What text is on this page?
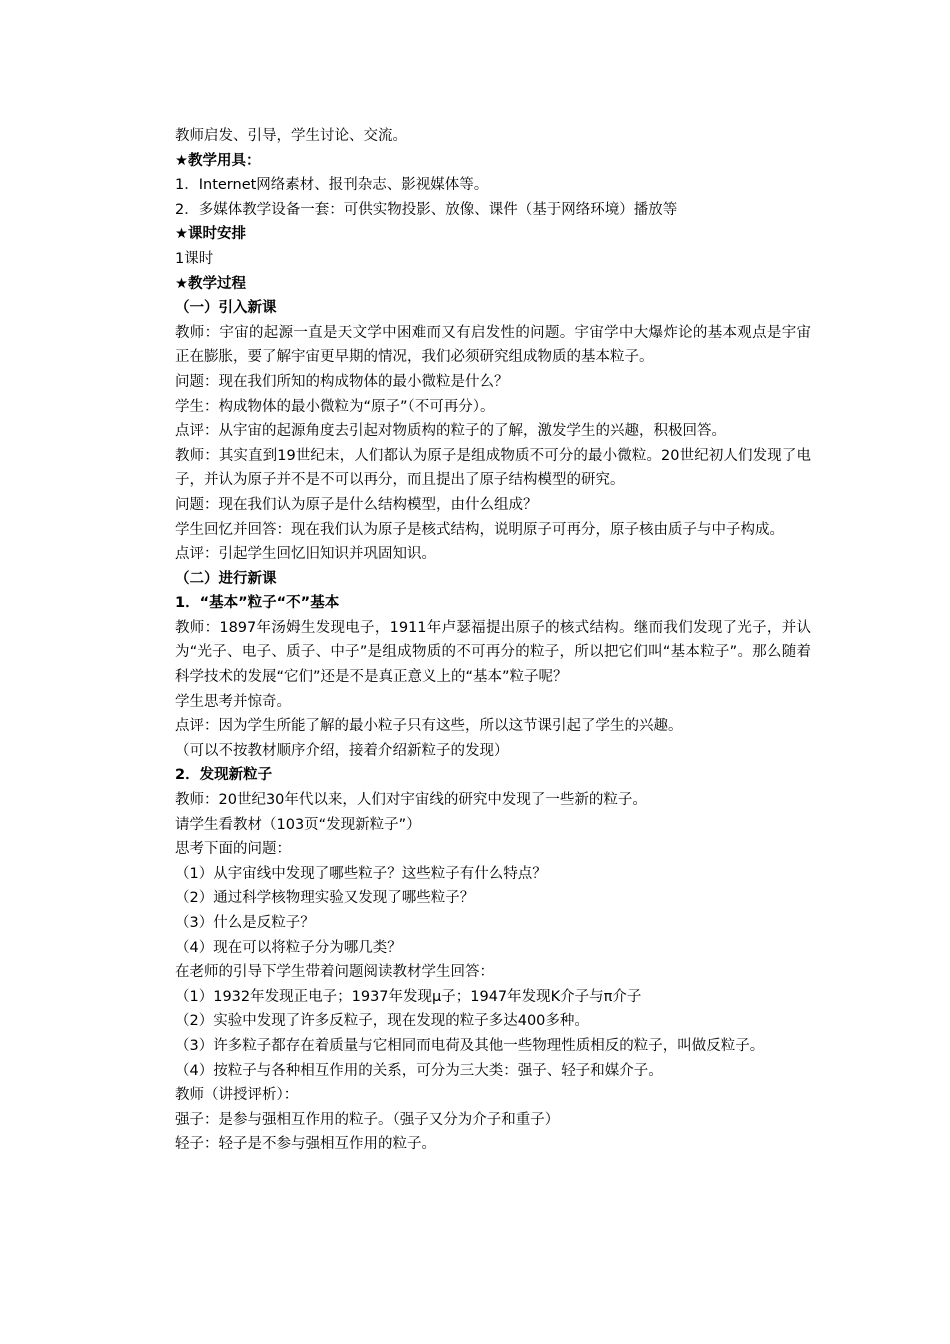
教师启发、引导，学生讨论、交流。
★教学用具：
1．Internet网络素材、报刊杂志、影视媒体等。
2．多媒体教学设备一套：可供实物投影、放像、课件（基于网络环境）播放等
★课时安排
1课时
★教学过程
（一）引入新课
教师：宇宙的起源一直是天文学中困难而又有启发性的问题。宇宙学中大爆炸论的基本观点是宇宙正在膨胀，要了解宇宙更早期的情况，我们必须研究组成物质的基本粒子。
问题：现在我们所知的构成物体的最小微粒是什么？
学生：构成物体的最小微粒为“原子”（不可再分）。
点评：从宇宙的起源角度去引起对物质构的粒子的了解，激发学生的兴趣，积极回答。
教师：其实直到19世纪末，人们都认为原子是组成物质不可分的最小微粒。20世纪初人们发现了电子，并认为原子并不是不可以再分，而且提出了原子结构模型的研究。
问题：现在我们认为原子是什么结构模型，由什么组成？
学生回忆并回答：现在我们认为原子是核式结构，说明原子可再分，原子核由质子与中子构成。
点评：引起学生回忆旧知识并巩固知识。
（二）进行新课
1．“基本”粒子“不”基本
教师：1897年汤姆生发现电子，1911年卢瑟福提出原子的核式结构。继而我们发现了光子，并认为“光子、电子、质子、中子”是组成物质的不可再分的粒子，所以把它们叫“基本粒子”。那么随着科学技术的发展“它们”还是不是真正意义上的“基本”粒子呢？
学生思考并惊奇。
点评：因为学生所能了解的最小粒子只有这些，所以这节课引起了学生的兴趣。
（可以不按教材顺序介绍，接着介绍新粒子的发现）
2．发现新粒子
教师：20世纪30年代以来，人们对宇宙线的研究中发现了一些新的粒子。
请学生看教材（103页“发现新粒子”）
思考下面的问题：
（1）从宇宙线中发现了哪些粒子？这些粒子有什么特点？
（2）通过科学核物理实验又发现了哪些粒子？
（3）什么是反粒子？
（4）现在可以将粒子分为哪几类？
在老师的引导下学生带着问题阅读教材学生回答：
（1）1932年发现正电子；1937年发现μ子；1947年发现K介子与π介子
（2）实验中发现了许多反粒子，现在发现的粒子多达400多种。
（3）许多粒子都存在着质量与它相同而电荷及其他一些物理性质相反的粒子，叫做反粒子。
（4）按粒子与各种相互作用的关系，可分为三大类：强子、轻子和媒介子。
教师（讲授评析）：
强子：是参与强相互作用的粒子。（强子又分为介子和重子）
轻子：轻子是不参与强相互作用的粒子。
